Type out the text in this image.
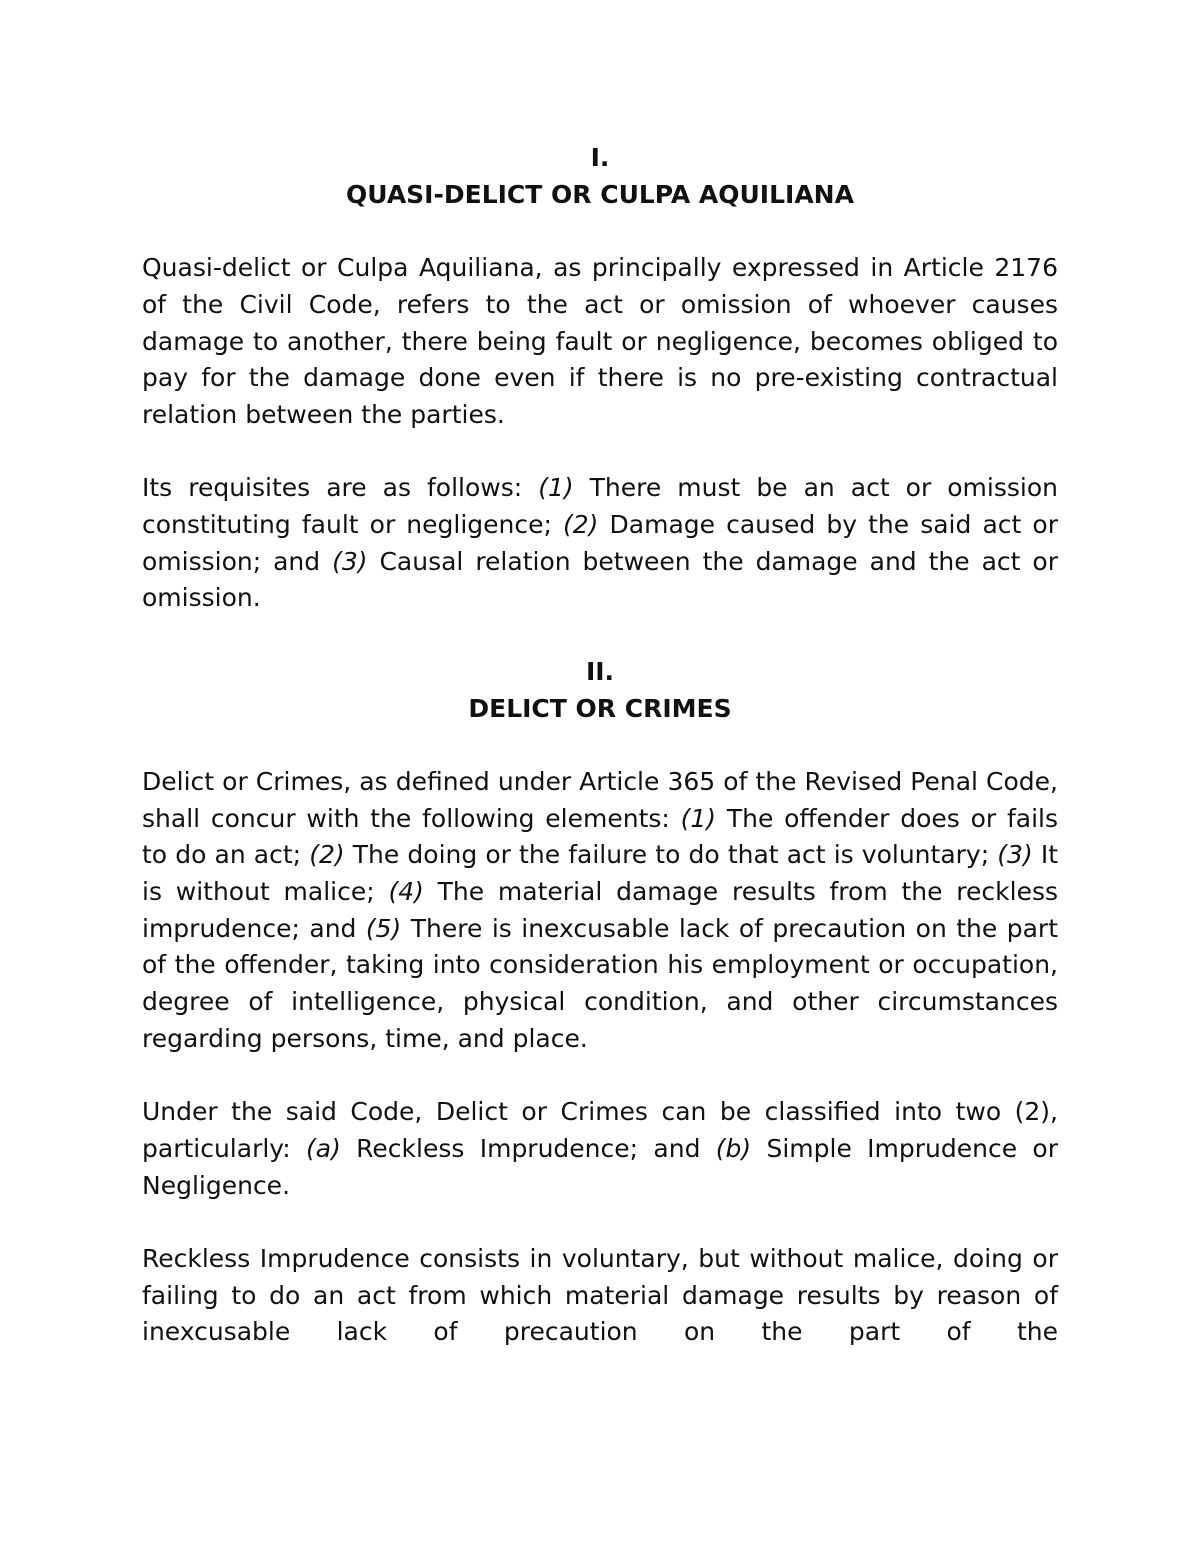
I.

QUASI-DELICT OR CULPA AQUILIANA

Quasi-delict or Culpa Aquiliana, as principally expressed in Article 2176 of the Civil Code, refers to the act or omission of whoever causes damage to another, there being fault or negligence, becomes obliged to pay for the damage done even if there is no pre-existing contractual relation between the parties.

Its requisites are as follows: (1) There must be an act or omission constituting fault or negligence; (2) Damage caused by the said act or omission; and (3) Causal relation between the damage and the act or omission.

II.

DELICT OR CRIMES

Delict or Crimes, as defined under Article 365 of the Revised Penal Code, shall concur with the following elements: (1) The offender does or fails to do an act; (2) The doing or the failure to do that act is voluntary; (3) It is without malice; (4) The material damage results from the reckless imprudence; and (5) There is inexcusable lack of precaution on the part of the offender, taking into consideration his employment or occupation, degree of intelligence, physical condition, and other circumstances regarding persons, time, and place.

Under the said Code, Delict or Crimes can be classified into two (2), particularly: (a) Reckless Imprudence; and (b) Simple Imprudence or Negligence.

Reckless Imprudence consists in voluntary, but without malice, doing or failing to do an act from which material damage results by reason of inexcusable lack of precaution on the part of the
